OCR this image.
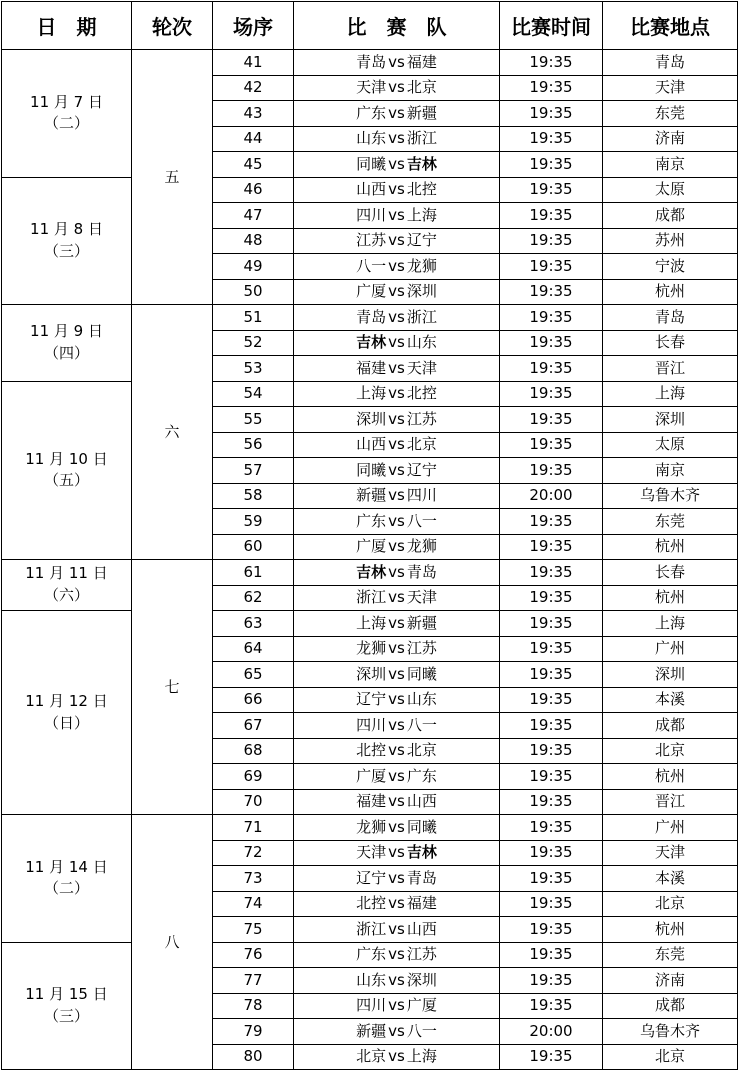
日　期	轮次	场序	比　赛　队	比赛时间	比赛地点

11 月 7 日
（二）	五	41	青岛 vs 福建	19:35	青岛
		42	天津 vs 北京	19:35	天津
		43	广东 vs 新疆	19:35	东莞
		44	山东 vs 浙江	19:35	济南
		45	同曦 vs 吉林	19:35	南京

11 月 8 日
（三）		46	山西 vs 北控	19:35	太原
		47	四川 vs 上海	19:35	成都
		48	江苏 vs 辽宁	19:35	苏州
		49	八一 vs 龙狮	19:35	宁波
		50	广厦 vs 深圳	19:35	杭州

11 月 9 日
（四）	六	51	青岛 vs 浙江	19:35	青岛
		52	吉林 vs 山东	19:35	长春
		53	福建 vs 天津	19:35	晋江

11 月 10 日
（五）		54	上海 vs 北控	19:35	上海
		55	深圳 vs 江苏	19:35	深圳
		56	山西 vs 北京	19:35	太原
		57	同曦 vs 辽宁	19:35	南京
		58	新疆 vs 四川	20:00	乌鲁木齐
		59	广东 vs 八一	19:35	东莞
		60	广厦 vs 龙狮	19:35	杭州

11 月 11 日
（六）	七	61	吉林 vs 青岛	19:35	长春
		62	浙江 vs 天津	19:35	杭州

11 月 12 日
（日）		63	上海 vs 新疆	19:35	上海
		64	龙狮 vs 江苏	19:35	广州
		65	深圳 vs 同曦	19:35	深圳
		66	辽宁 vs 山东	19:35	本溪
		67	四川 vs 八一	19:35	成都
		68	北控 vs 北京	19:35	北京
		69	广厦 vs 广东	19:35	杭州
		70	福建 vs 山西	19:35	晋江

11 月 14 日
（二）	八	71	龙狮 vs 同曦	19:35	广州
		72	天津 vs 吉林	19:35	天津
		73	辽宁 vs 青岛	19:35	本溪
		74	北控 vs 福建	19:35	北京
		75	浙江 vs 山西	19:35	杭州

11 月 15 日
（三）		76	广东 vs 江苏	19:35	东莞
		77	山东 vs 深圳	19:35	济南
		78	四川 vs 广厦	19:35	成都
		79	新疆 vs 八一	20:00	乌鲁木齐
		80	北京 vs 上海	19:35	北京
